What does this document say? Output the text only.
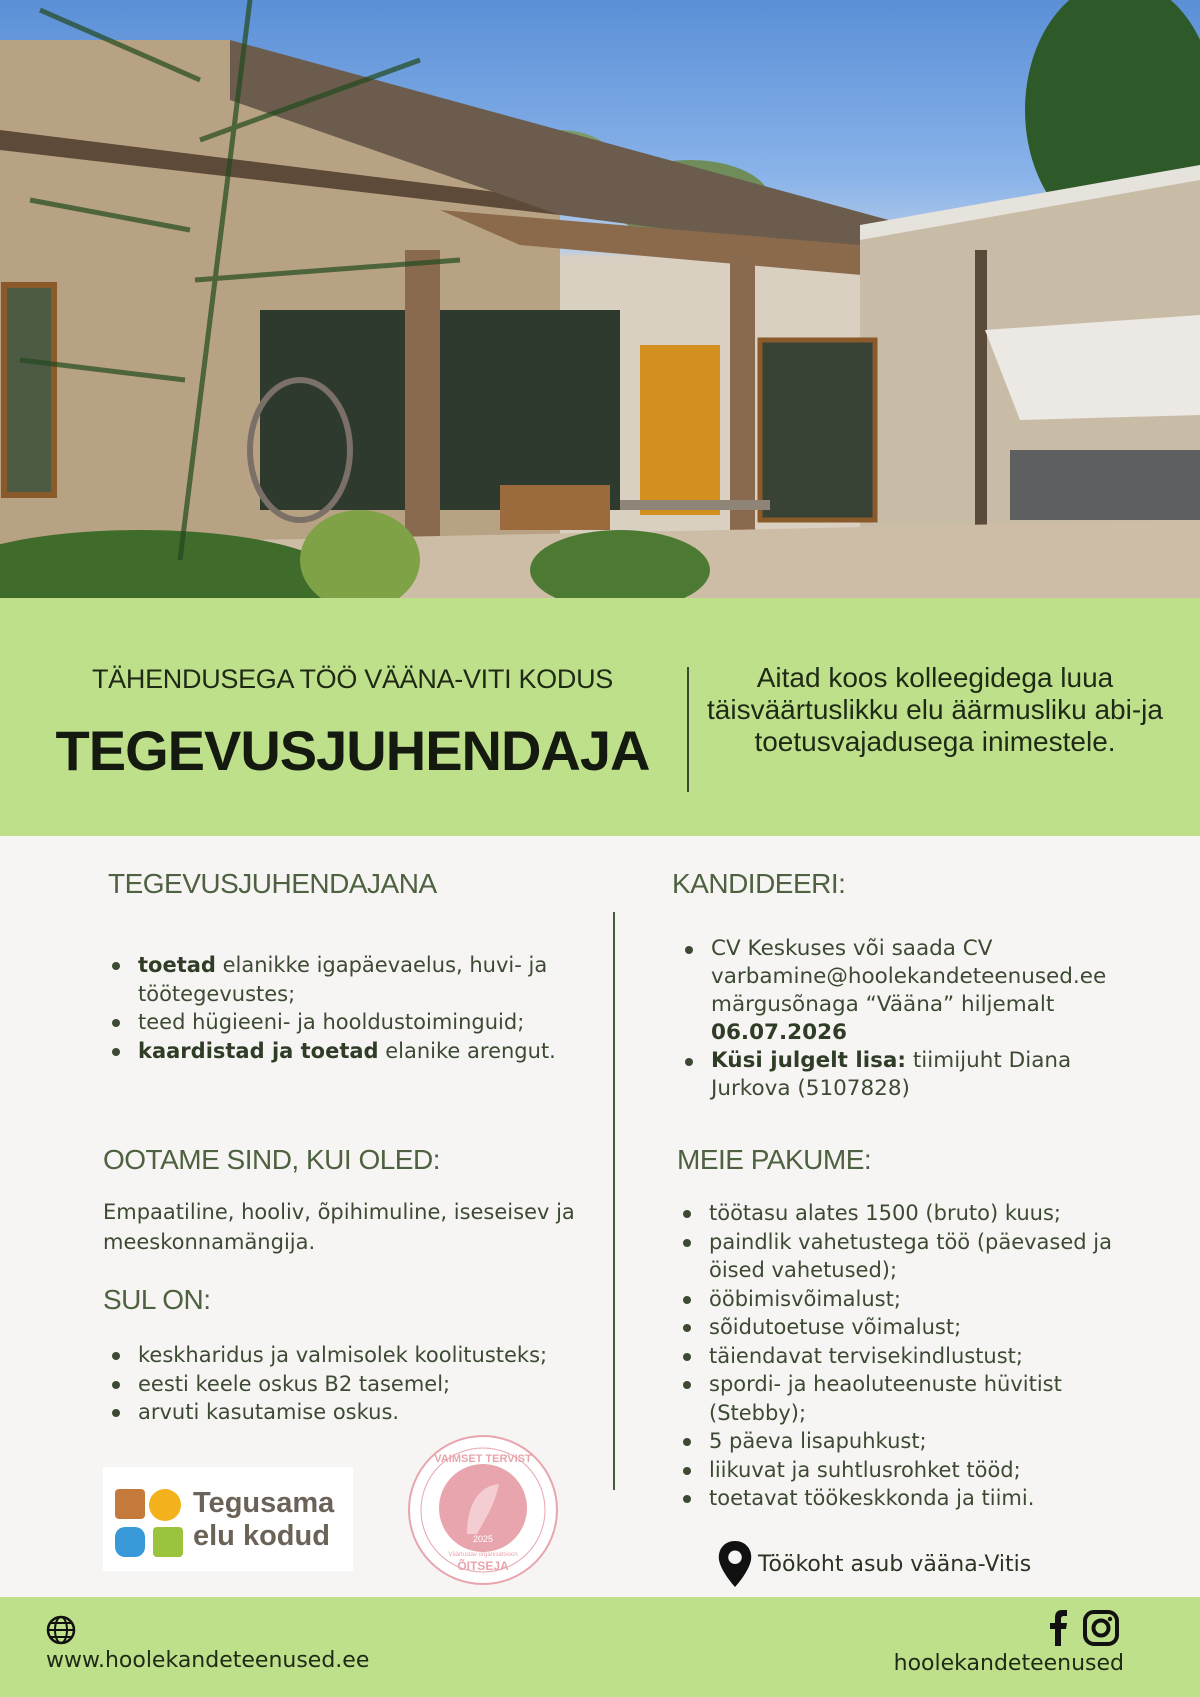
TÄHENDUSEGA TÖÖ VÄÄNA-VITI KODUS
TEGEVUSJUHENDAJA
Aitad koos kolleegidega luua täisväärtuslikku elu äärmusliku abi-ja toetusvajadusega inimestele.
TEGEVUSJUHENDAJANA
toetad elanikke igapäevaelus, huvi- ja töötegevustes;
teed hügieeni- ja hooldustoiminguid;
kaardistad ja toetad elanike arengut.
OOTAME SIND, KUI OLED:
Empaatiline, hooliv, õpihimuline, iseseisev ja meeskonnamängija.
SUL ON:
keskharidus ja valmisolek koolitusteks;
eesti keele oskus B2 tasemel;
arvuti kasutamise oskus.
Tegusama
elu kodud
VAIMSET TERVIST
2025
Väärtustav organisatsioon
ÕITSEJA
KANDIDEERI:
CV Keskuses või saada CV varbamine@hoolekandeteenused.ee märgusõnaga “Vääna” hiljemalt 06.07.2026
Küsi julgelt lisa: tiimijuht Diana Jurkova (5107828)
MEIE PAKUME:
töötasu alates 1500 (bruto) kuus;
paindlik vahetustega töö (päevased ja öised vahetused);
ööbimisvõimalust;
sõidutoetuse võimalust;
täiendavat tervisekindlustust;
spordi- ja heaoluteenuste hüvitist (Stebby);
5 päeva lisapuhkust;
liikuvat ja suhtlusrohket tööd;
toetavat töökeskkonda ja tiimi.
Töökoht asub vääna-Vitis
www.hoolekandeteenused.ee	hoolekandeteenused
